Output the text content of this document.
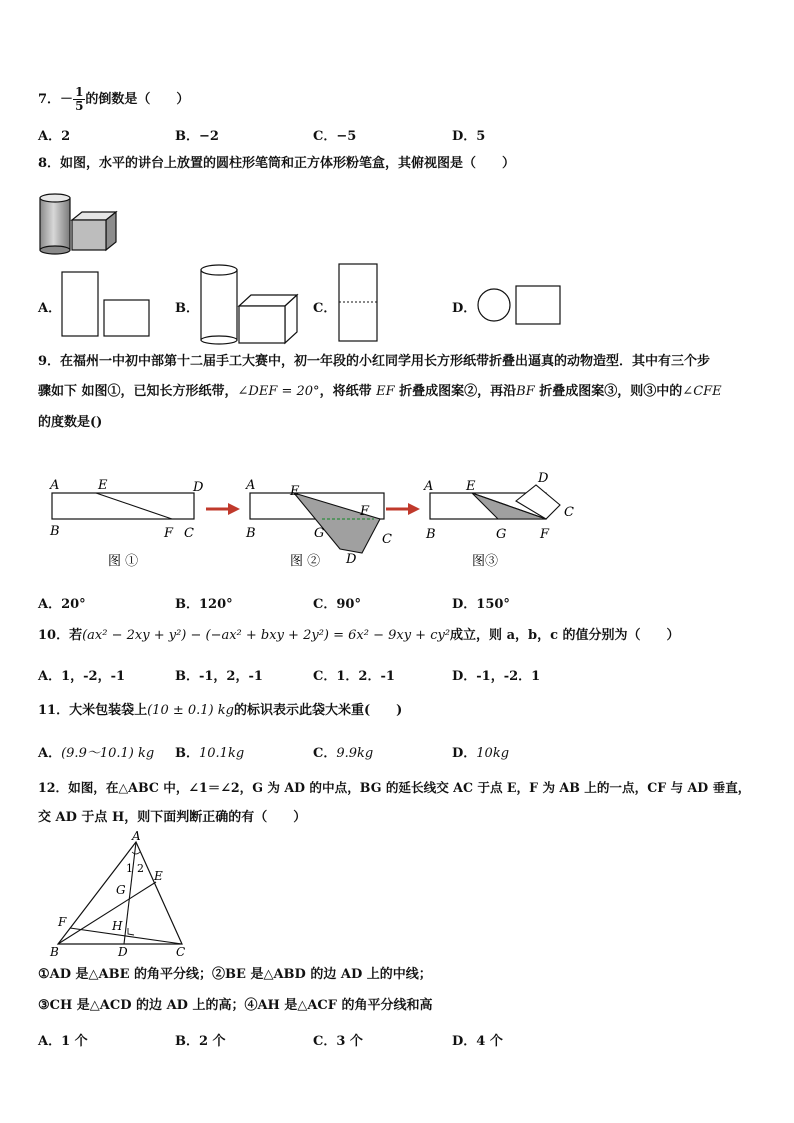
7．－ $\frac{1}{5}$ 的倒数是（　　）
A．2	B．−2	C．−5	D．5
8．如图，水平的讲台上放置的圆柱形笔筒和正方体形粉笔盒，其俯视图是（　　）
A．	B．	C．	D．
9．在福州一中初中部第十二届手工大赛中，初一年段的小红同学用长方形纸带折叠出逼真的动物造型．其中有三个步
骤如下 如图①，已知长方形纸带，∠DEF = 20°，将纸带 EF 折叠成图案②，再沿BF 折叠成图案③，则③中的∠CFE
的度数是()
A	E	D
B	F C
图 ①
A	E
F
B	G
D
C
图 ②
A	E
D
C
B	G	F
图③
A．20°	B．120°	C．90°	D．150°
10．若(ax² − 2xy + y²) − (−ax² + bxy + 2y²) = 6x² − 9xy + cy²成立，则 a，b，c 的值分别为（　　）
A．1，-2，-1	B．-1，2，-1	C．1．2．-1	D．-1，-2．1
11．大米包装袋上(10 ± 0.1) kg的标识表示此袋大米重(　　)
A．(9.9～10.1) kg B．10.1kg	C．9.9kg	D．10kg
12．如图，在△ABC 中，∠1＝∠2，G 为 AD 的中点，BG 的延长线交 AC 于点 E，F 为 AB 上的一点，CF 与 AD 垂直，
交 AD 于点 H，则下面判断正确的有（　　）
A
1 2
E
G
F	H
B	D	C
①AD 是△ABE 的角平分线；②BE 是△ABD 的边 AD 上的中线；
③CH 是△ACD 的边 AD 上的高；④AH 是△ACF 的角平分线和高
A．1 个	B．2 个	C．3 个	D．4 个
